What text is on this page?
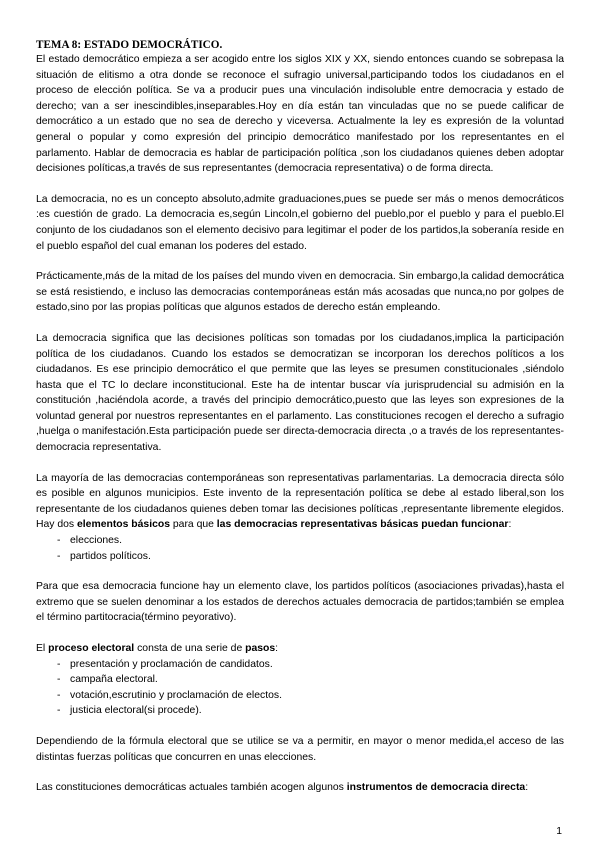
TEMA 8: ESTADO DEMOCRÁTICO.

El estado democrático empieza a ser acogido entre los siglos XIX y XX, siendo entonces cuando se sobrepasa la situación de elitismo a otra donde se reconoce el sufragio universal,participando todos los ciudadanos en el proceso de elección política. Se va a producir pues una vinculación indisoluble entre democracia y estado de derecho; van a ser inescindibles,inseparables.Hoy en día están tan vinculadas que no se puede calificar de democrático a un estado que no sea de derecho y viceversa. Actualmente la ley es expresión de la voluntad general o popular y como expresión del principio democrático manifestado por los representantes en el parlamento. Hablar de democracia es hablar de participación política ,son los ciudadanos quienes deben adoptar decisiones políticas,a través de sus representantes (democracia representativa) o de forma directa.

La democracia, no es un concepto absoluto,admite graduaciones,pues se puede ser más o menos democráticos :es cuestión de grado. La democracia es,según Lincoln,el gobierno del pueblo,por el pueblo y para el pueblo.El conjunto de los ciudadanos son el elemento decisivo para legitimar el poder de los partidos,la soberanía reside en el pueblo español del cual emanan los poderes del estado.

Prácticamente,más de la mitad de los países del mundo viven en democracia. Sin embargo,la calidad democrática se está resistiendo, e incluso las democracias contemporáneas están más acosadas que nunca,no por golpes de estado,sino por las propias políticas que algunos estados de derecho están empleando.

La democracia significa que las decisiones políticas son tomadas por los ciudadanos,implica la participación política de los ciudadanos. Cuando los estados se democratizan se incorporan los derechos políticos a los ciudadanos. Es ese principio democrático el que permite que las leyes se presumen constitucionales ,siéndolo hasta que el TC lo declare inconstitucional. Este ha de intentar buscar vía jurisprudencial su admisión en la constitución ,haciéndola acorde, a través del principio democrático,puesto que las leyes son expresiones de la voluntad general por nuestros representantes en el parlamento. Las constituciones recogen el derecho a sufragio ,huelga o manifestación.Esta participación puede ser directa-democracia directa ,o a través de los representantes-democracia representativa.

La mayoría de las democracias contemporáneas son representativas parlamentarias. La democracia directa sólo es posible en algunos municipios. Este invento de la representación política se debe al estado liberal,son los representante de los ciudadanos quienes deben tomar las decisiones políticas ,representante libremente elegidos. Hay dos elementos básicos para que las democracias representativas básicas puedan funcionar:

- elecciones.
- partidos políticos.

Para que esa democracia funcione hay un elemento clave, los partidos políticos (asociaciones privadas),hasta el extremo que se suelen denominar a los estados de derechos actuales democracia de partidos;también se emplea el término partitocracia(término peyorativo).

El proceso electoral consta de una serie de pasos:

- presentación y proclamación de candidatos.
- campaña electoral.
- votación,escrutinio y proclamación de electos.
- justicia electoral(si procede).

Dependiendo de la fórmula electoral que se utilice se va a permitir, en mayor o menor medida,el acceso de las distintas fuerzas políticas que concurren en unas elecciones.

Las constituciones democráticas actuales también acogen algunos instrumentos de democracia directa:

1
